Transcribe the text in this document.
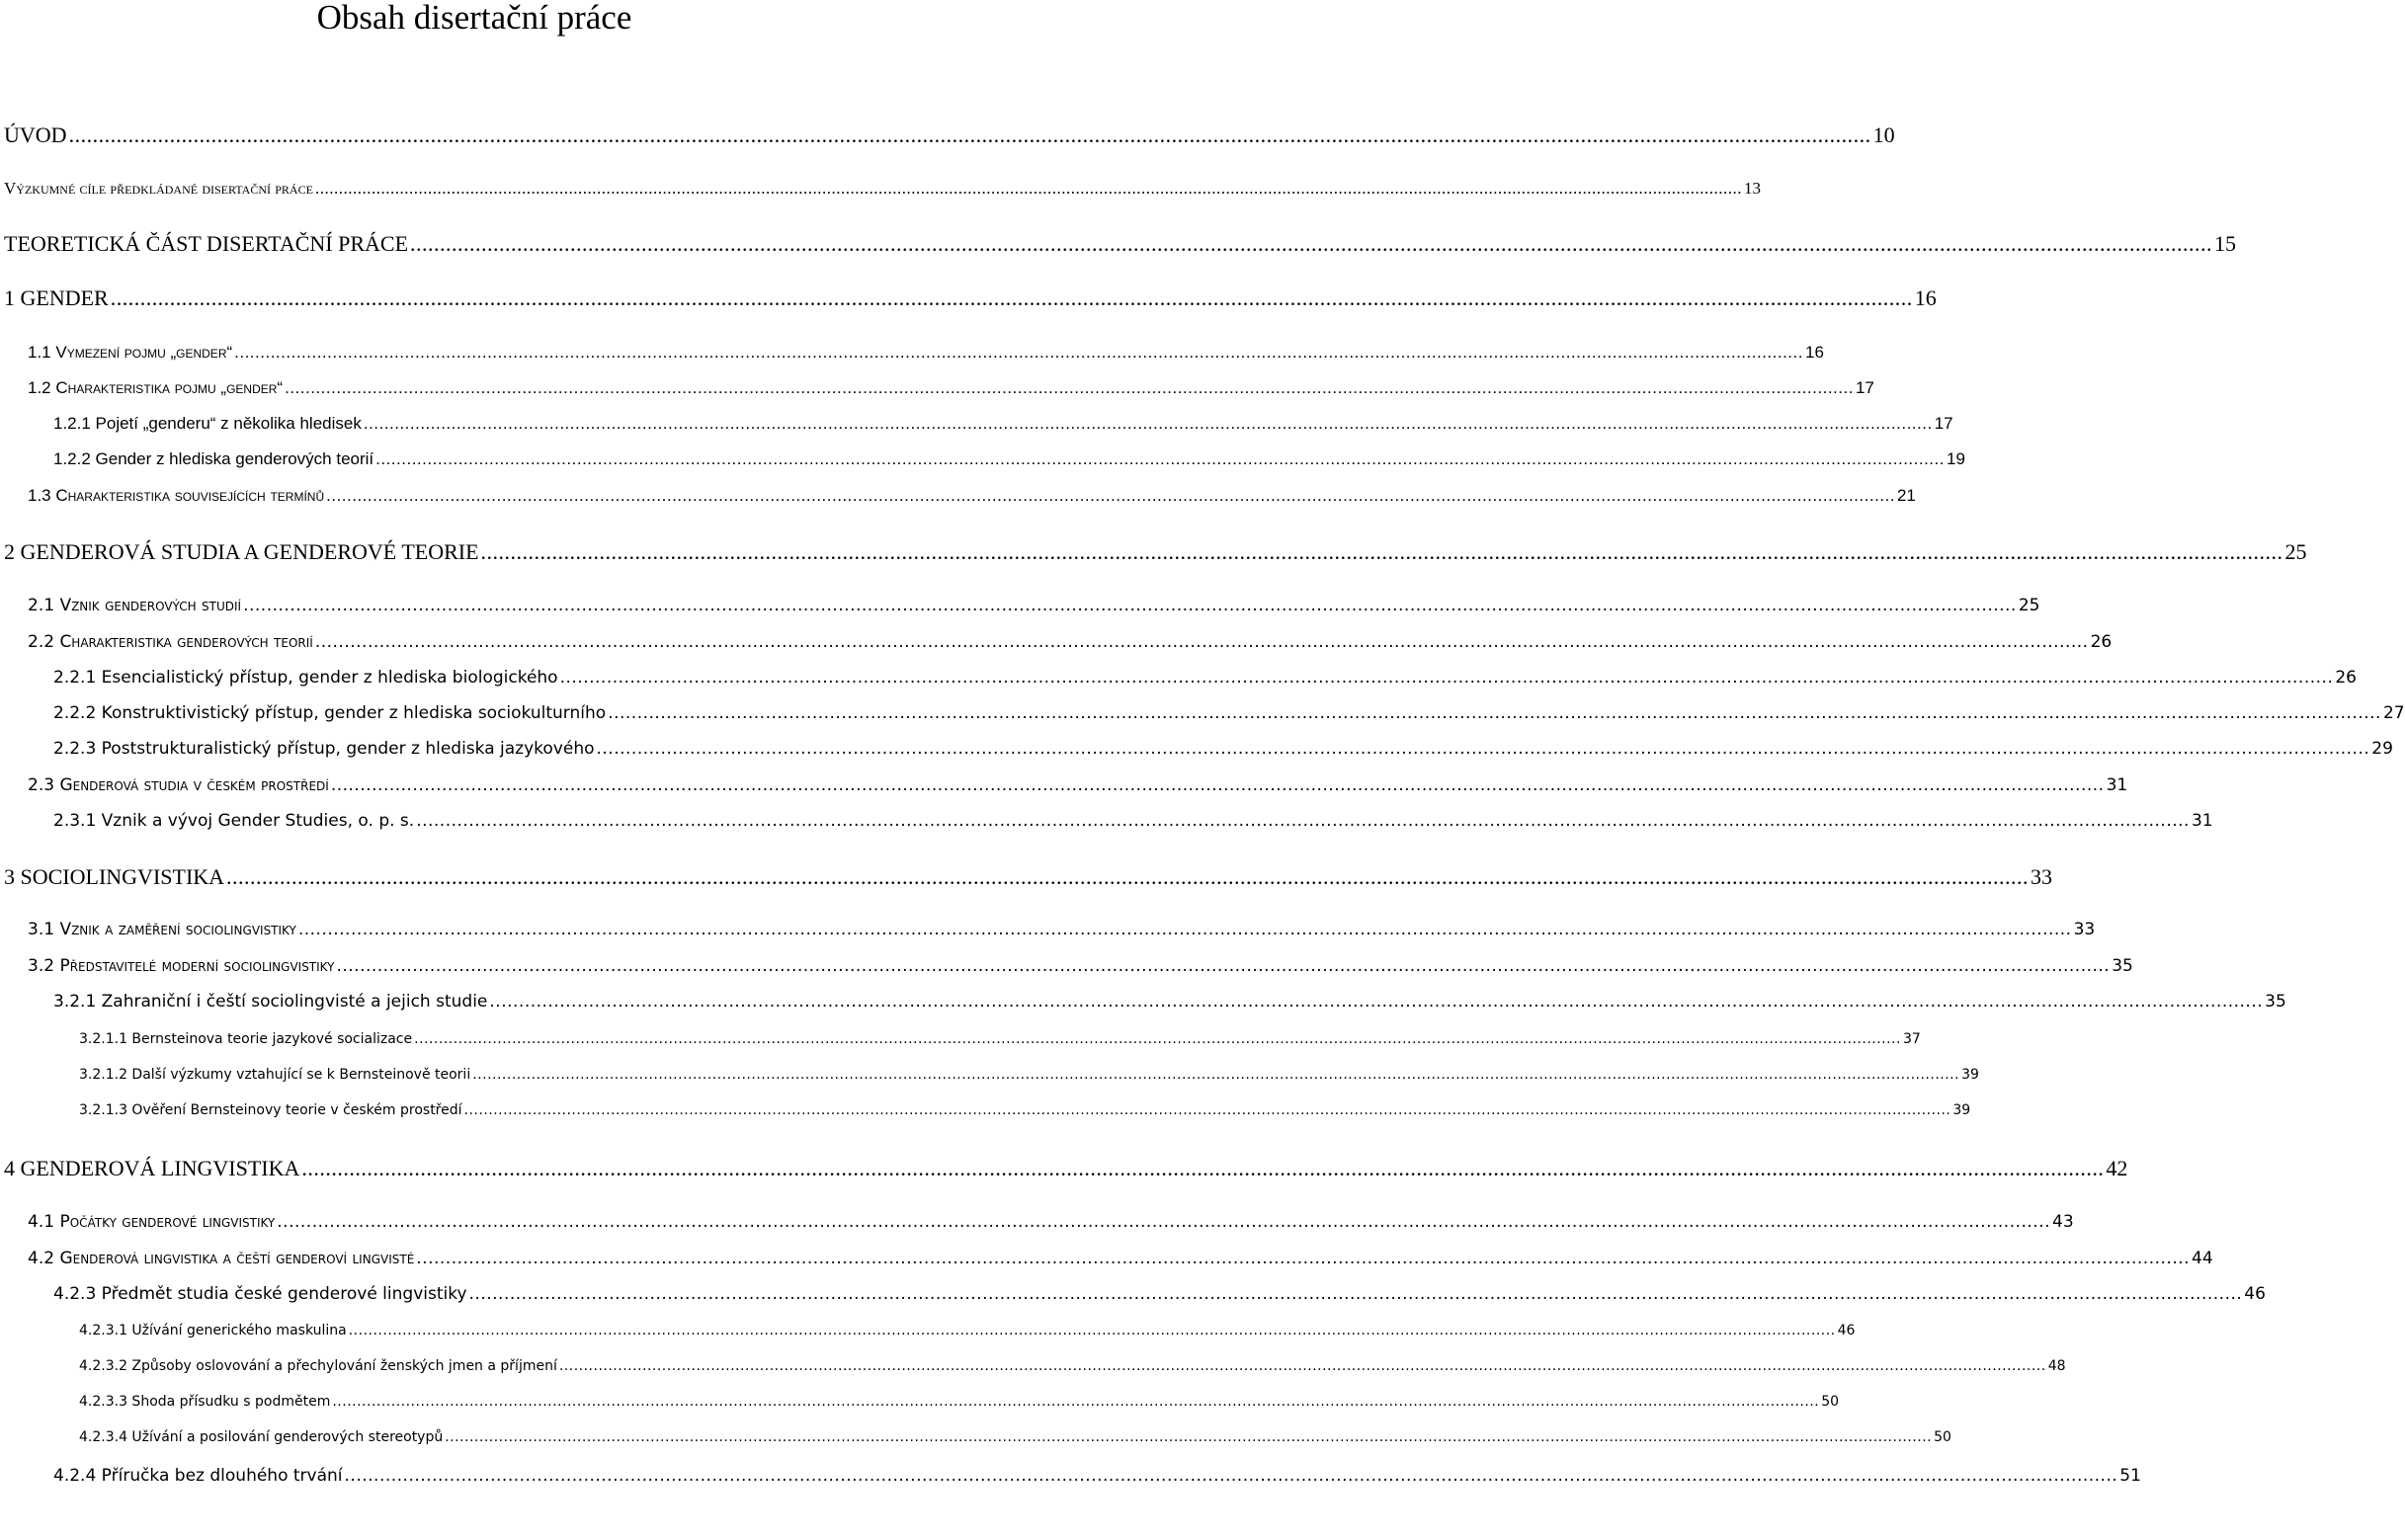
Obsah disertační práce
ÚVOD ................................................................................................................................................................................................................................................................................................................ 10
Výzkumné cíle předkládané disertační práce ................................................................................................................................................................................................................................................................................................................ 13
TEORETICKÁ ČÁST DISERTAČNÍ PRÁCE ................................................................................................................................................................................................................................................................................................................ 15
1 GENDER ................................................................................................................................................................................................................................................................................................................ 16
1.1 Vymezení pojmu „gender“ ................................................................................................................................................................................................................................................................................................................ 16
1.2 Charakteristika pojmu „gender“ ................................................................................................................................................................................................................................................................................................................ 17
1.2.1 Pojetí „genderu“ z několika hledisek ................................................................................................................................................................................................................................................................................................................ 17
1.2.2 Gender z hlediska genderových teorií ................................................................................................................................................................................................................................................................................................................ 19
1.3 Charakteristika souvisejících termínů ................................................................................................................................................................................................................................................................................................................ 21
2 GENDEROVÁ STUDIA A GENDEROVÉ TEORIE ................................................................................................................................................................................................................................................................................................................ 25
2.1 Vznik genderových studií ................................................................................................................................................................................................................................................................................................................ 25
2.2 Charakteristika genderových teorií ................................................................................................................................................................................................................................................................................................................ 26
2.2.1 Esencialistický přístup, gender z hlediska biologického ................................................................................................................................................................................................................................................................................................................ 26
2.2.2 Konstruktivistický přístup, gender z hlediska sociokulturního ................................................................................................................................................................................................................................................................................................................ 27
2.2.3 Poststrukturalistický přístup, gender z hlediska jazykového ................................................................................................................................................................................................................................................................................................................ 29
2.3 Genderová studia v českém prostředí ................................................................................................................................................................................................................................................................................................................ 31
2.3.1 Vznik a vývoj Gender Studies, o. p. s. ................................................................................................................................................................................................................................................................................................................ 31
3 SOCIOLINGVISTIKA ................................................................................................................................................................................................................................................................................................................ 33
3.1 Vznik a zaměření sociolingvistiky ................................................................................................................................................................................................................................................................................................................ 33
3.2 Představitelé moderní sociolingvistiky ................................................................................................................................................................................................................................................................................................................ 35
3.2.1 Zahraniční i čeští sociolingvisté a jejich studie ................................................................................................................................................................................................................................................................................................................ 35
3.2.1.1 Bernsteinova teorie jazykové socializace ................................................................................................................................................................................................................................................................................................................ 37
3.2.1.2 Další výzkumy vztahující se k Bernsteinově teorii ................................................................................................................................................................................................................................................................................................................ 39
3.2.1.3 Ověření Bernsteinovy teorie v českém prostředí ................................................................................................................................................................................................................................................................................................................ 39
4 GENDEROVÁ LINGVISTIKA ................................................................................................................................................................................................................................................................................................................ 42
4.1 Počátky genderové lingvistiky ................................................................................................................................................................................................................................................................................................................ 43
4.2 Genderová lingvistika a čeští genderoví lingvisté ................................................................................................................................................................................................................................................................................................................ 44
4.2.3 Předmět studia české genderové lingvistiky ................................................................................................................................................................................................................................................................................................................ 46
4.2.3.1 Užívání generického maskulina ................................................................................................................................................................................................................................................................................................................ 46
4.2.3.2 Způsoby oslovování a přechylování ženských jmen a příjmení ................................................................................................................................................................................................................................................................................................................ 48
4.2.3.3 Shoda přísudku s podmětem ................................................................................................................................................................................................................................................................................................................ 50
4.2.3.4 Užívání a posilování genderových stereotypů ................................................................................................................................................................................................................................................................................................................ 50
4.2.4 Příručka bez dlouhého trvání ................................................................................................................................................................................................................................................................................................................ 51
